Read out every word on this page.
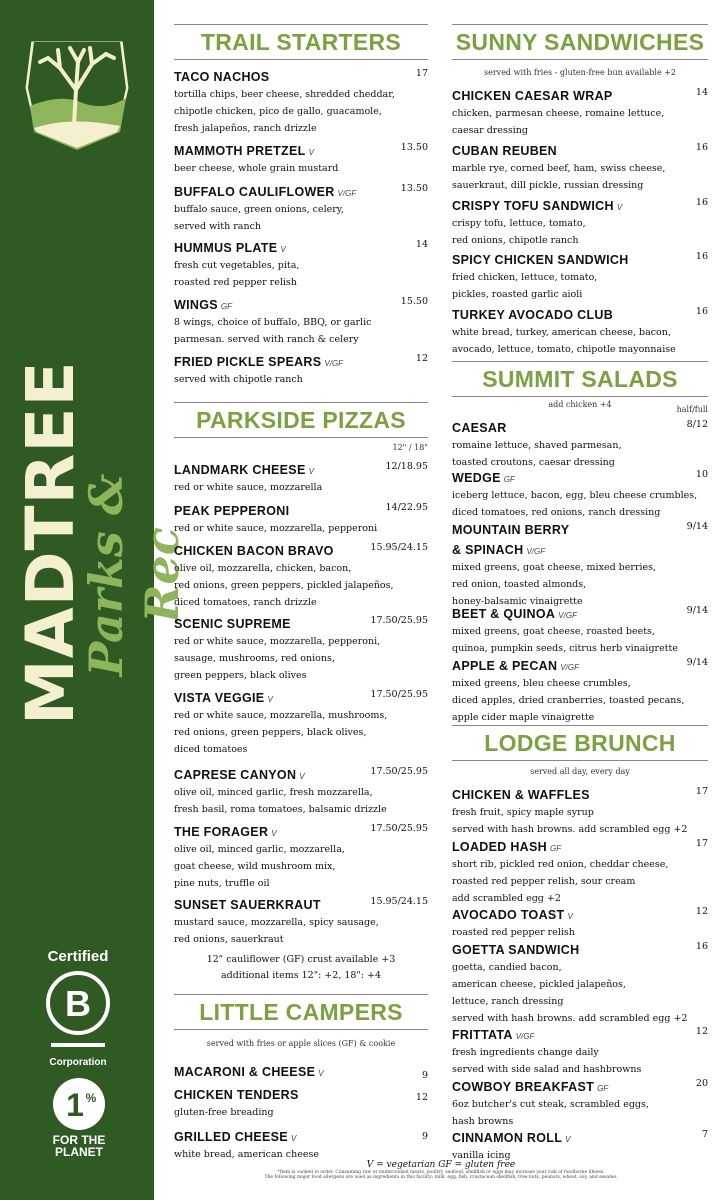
MADTREE
Parks & Rec
Certified
B
Corporation
1 %
FOR THE
PLANET
TRAIL STARTERS
PARKSIDE PIZZAS
12" / 18"
12" cauliflower (GF) crust available +3
additional items 12": +2, 18": +4
LITTLE CAMPERS
served with fries or apple slices (GF) & cookie
TACO NACHOS	17
tortilla chips, beer cheese, shredded cheddar,
chipotle chicken, pico de gallo, guacamole,
fresh jalapeños, ranch drizzle
MAMMOTH PRETZEL V	13.50
beer cheese, whole grain mustard
BUFFALO CAULIFLOWER V/GF	13.50
buffalo sauce, green onions, celery,
served with ranch
HUMMUS PLATE V	14
fresh cut vegetables, pita,
roasted red pepper relish
WINGS GF	15.50
8 wings, choice of buffalo, BBQ, or garlic
parmesan. served with ranch & celery
FRIED PICKLE SPEARS V/GF	12
served with chipotle ranch
LANDMARK CHEESE V	12/18.95
red or white sauce, mozzarella
PEAK PEPPERONI	14/22.95
red or white sauce, mozzarella, pepperoni
CHICKEN BACON BRAVO	15.95/24.15
olive oil, mozzarella, chicken, bacon,
red onions, green peppers, pickled jalapeños,
diced tomatoes, ranch drizzle
SCENIC SUPREME	17.50/25.95
red or white sauce, mozzarella, pepperoni,
sausage, mushrooms, red onions,
green peppers, black olives
VISTA VEGGIE V	17.50/25.95
red or white sauce, mozzarella, mushrooms,
red onions, green peppers, black olives,
diced tomatoes
CAPRESE CANYON V	17.50/25.95
olive oil, minced garlic, fresh mozzarella,
fresh basil, roma tomatoes, balsamic drizzle
THE FORAGER V	17.50/25.95
olive oil, minced garlic, mozzarella,
goat cheese, wild mushroom mix,
pine nuts, truffle oil
SUNSET SAUERKRAUT	15.95/24.15
mustard sauce, mozzarella, spicy sausage,
red onions, sauerkraut
MACARONI & CHEESE V	9
CHICKEN TENDERS	12
gluten-free breading
GRILLED CHEESE V	9
white bread, american cheese
SUNNY SANDWICHES
served with fries - gluten-free bun available +2
SUMMIT SALADS
add chicken +4
half/full
LODGE BRUNCH
served all day, every day
CHICKEN CAESAR WRAP	14
chicken, parmesan cheese, romaine lettuce,
caesar dressing
CUBAN REUBEN	16
marble rye, corned beef, ham, swiss cheese,
sauerkraut, dill pickle, russian dressing
CRISPY TOFU SANDWICH V	16
crispy tofu, lettuce, tomato,
red onions, chipotle ranch
SPICY CHICKEN SANDWICH	16
fried chicken, lettuce, tomato,
pickles, roasted garlic aioli
TURKEY AVOCADO CLUB	16
white bread, turkey, american cheese, bacon,
avocado, lettuce, tomato, chipotle mayonnaise
CAESAR	8/12
romaine lettuce, shaved parmesan,
toasted croutons, caesar dressing
WEDGE GF	10
iceberg lettuce, bacon, egg, bleu cheese crumbles,
diced tomatoes, red onions, ranch dressing
MOUNTAIN BERRY
& SPINACH V/GF
9/14
mixed greens, goat cheese, mixed berries,
red onion, toasted almonds,
honey-balsamic vinaigrette
BEET & QUINOA V/GF	9/14
mixed greens, goat cheese, roasted beets,
quinoa, pumpkin seeds, citrus herb vinaigrette
APPLE & PECAN V/GF	9/14
mixed greens, bleu cheese crumbles,
diced apples, dried cranberries, toasted pecans,
apple cider maple vinaigrette
CHICKEN & WAFFLES	17
fresh fruit, spicy maple syrup
served with hash browns. add scrambled egg +2
LOADED HASH GF	17
short rib, pickled red onion, cheddar cheese,
roasted red pepper relish, sour cream
add scrambled egg +2
AVOCADO TOAST V	12
roasted red pepper relish
GOETTA SANDWICH	16
goetta, candied bacon,
american cheese, pickled jalapeños,
lettuce, ranch dressing
served with hash browns. add scrambled egg +2
FRITTATA V/GF	12
fresh ingredients change daily
served with side salad and hashbrowns
COWBOY BREAKFAST GF	20
6oz butcher's cut steak, scrambled eggs,
hash browns
CINNAMON ROLL V	7
vanilla icing
V = vegetarian GF = gluten free
*Item is cooked to order. Consuming raw or undercooked meats, poultry, seafood, shellfish or eggs may increase your risk of foodborne illness.
The following major food allergens are used as ingredients in this facility: milk, egg, fish, crustacean shellfish, tree nuts, peanuts, wheat, soy, and sesame.
